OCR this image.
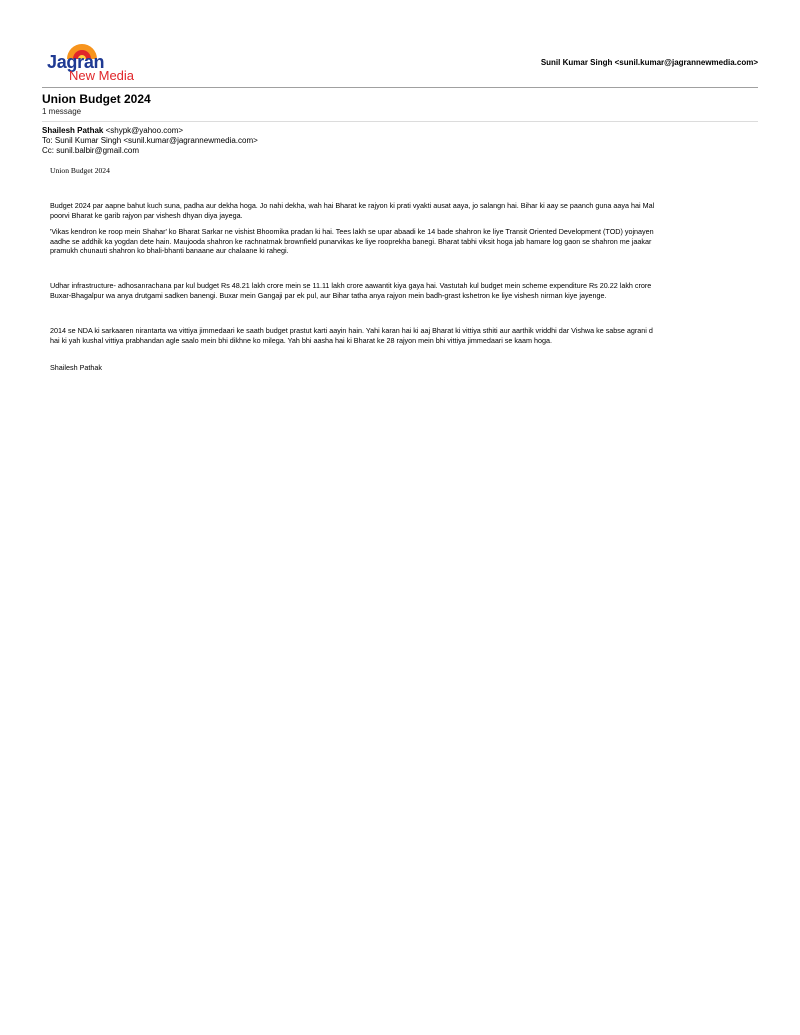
Jagran
New Media
Sunil Kumar Singh <sunil.kumar@jagrannewmedia.com>
Union Budget 2024
1 message
Shailesh Pathak <shypk@yahoo.com>
To: Sunil Kumar Singh <sunil.kumar@jagrannewmedia.com>
Cc: sunil.balbir@gmail.com
Union Budget 2024
Budget 2024 par aapne bahut kuch suna, padha aur dekha hoga. Jo nahi dekha, wah hai Bharat ke rajyon ki prati vyakti ausat aaya, jo salangn hai. Bihar ki aay se paanch guna aaya hai Mal
poorvi Bharat ke garib rajyon par vishesh dhyan diya jayega.
'Vikas kendron ke roop mein Shahar' ko Bharat Sarkar ne vishist Bhoomika pradan ki hai. Tees lakh se upar abaadi ke 14 bade shahron ke liye Transit Oriented Development (TOD) yojnayen
aadhe se addhik ka yogdan dete hain. Maujooda shahron ke rachnatmak brownfield punarvikas ke liye rooprekha banegi. Bharat tabhi viksit hoga jab hamare log gaon se shahron me jaakar
pramukh chunauti shahron ko bhali-bhanti banaane aur chalaane ki rahegi.
Udhar infrastructure- adhosanrachana par kul budget Rs 48.21 lakh crore mein se 11.11 lakh crore aawantit kiya gaya hai. Vastutah kul budget mein scheme expenditure Rs 20.22 lakh crore
Buxar-Bhagalpur wa anya drutgami sadken banengi. Buxar mein Gangaji par ek pul, aur Bihar tatha anya rajyon mein badh-grast kshetron ke liye vishesh nirman kiye jayenge.
2014 se NDA ki sarkaaren nirantarta wa vittiya jimmedaari ke saath budget prastut karti aayin hain. Yahi karan hai ki aaj Bharat ki vittiya sthiti aur aarthik vriddhi dar Vishwa ke sabse agrani d
hai ki yah kushal vittiya prabhandan agle saalo mein bhi dikhne ko milega. Yah bhi aasha hai ki Bharat ke 28 rajyon mein bhi vittiya jimmedaari se kaam hoga.
Shailesh Pathak
